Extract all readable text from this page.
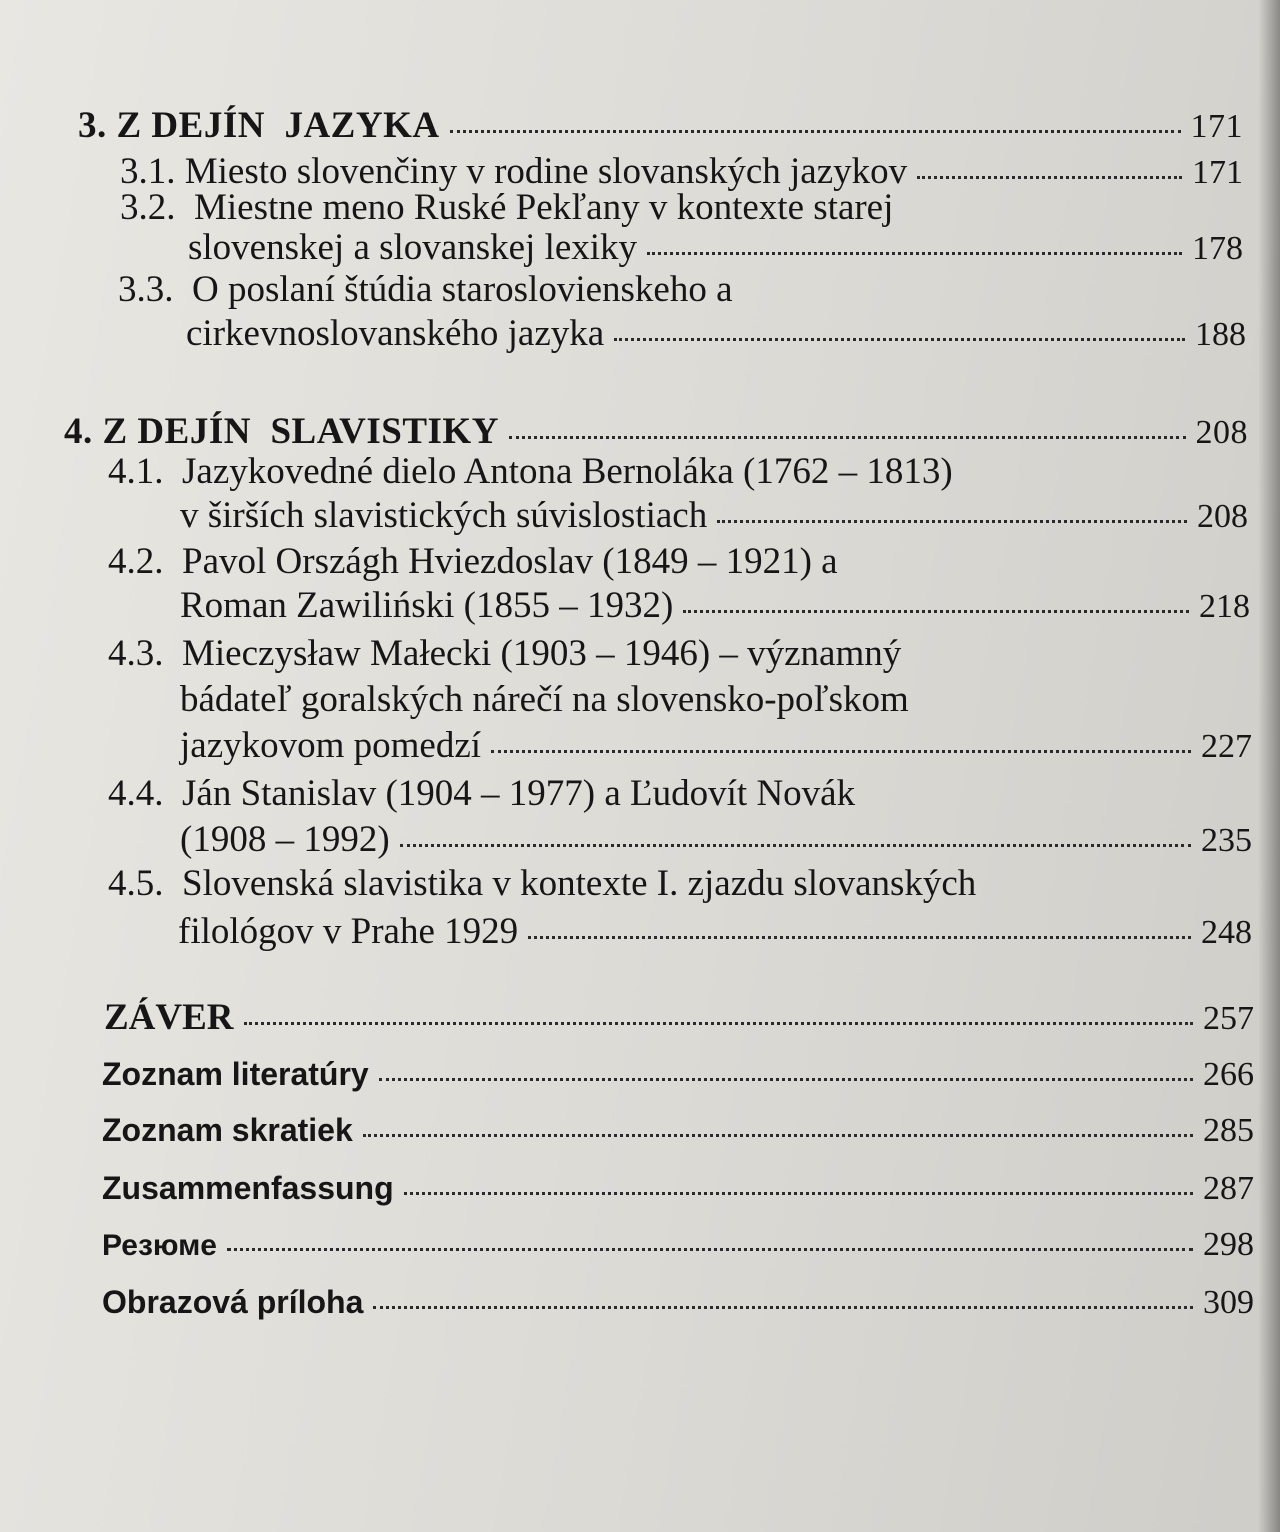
3.
Z DEJÍN  JAZYKA	171
3.1.
Miesto slovenčiny v rodine slovanských jazykov	171
3.2. Miestne meno Ruské Pekľany v kontexte starej
slovenskej a slovanskej lexiky	178
3.3. O poslaní štúdia staroslovienskeho a
cirkevnoslovanského jazyka	188
4.
Z DEJÍN  SLAVISTIKY	208
4.1. Jazykovedné dielo Antona Bernoláka (1762 – 1813)
v širších slavistických súvislostiach	208
4.2. Pavol Országh Hviezdoslav (1849 – 1921) a
Roman Zawiliński (1855 – 1932)	218
4.3. Mieczysław Małecki (1903 – 1946) – významný
bádateľ goralských nárečí na slovensko-poľskom
jazykovom pomedzí	227
4.4. Ján Stanislav (1904 – 1977) a Ľudovít Novák
(1908 – 1992)	235
4.5. Slovenská slavistika v kontexte I. zjazdu slovanských
filológov v Prahe 1929	248
ZÁVER	257
Zoznam literatúry	266
Zoznam skratiek	285
Zusammenfassung	287
Резюме	298
Obrazová príloha	309
